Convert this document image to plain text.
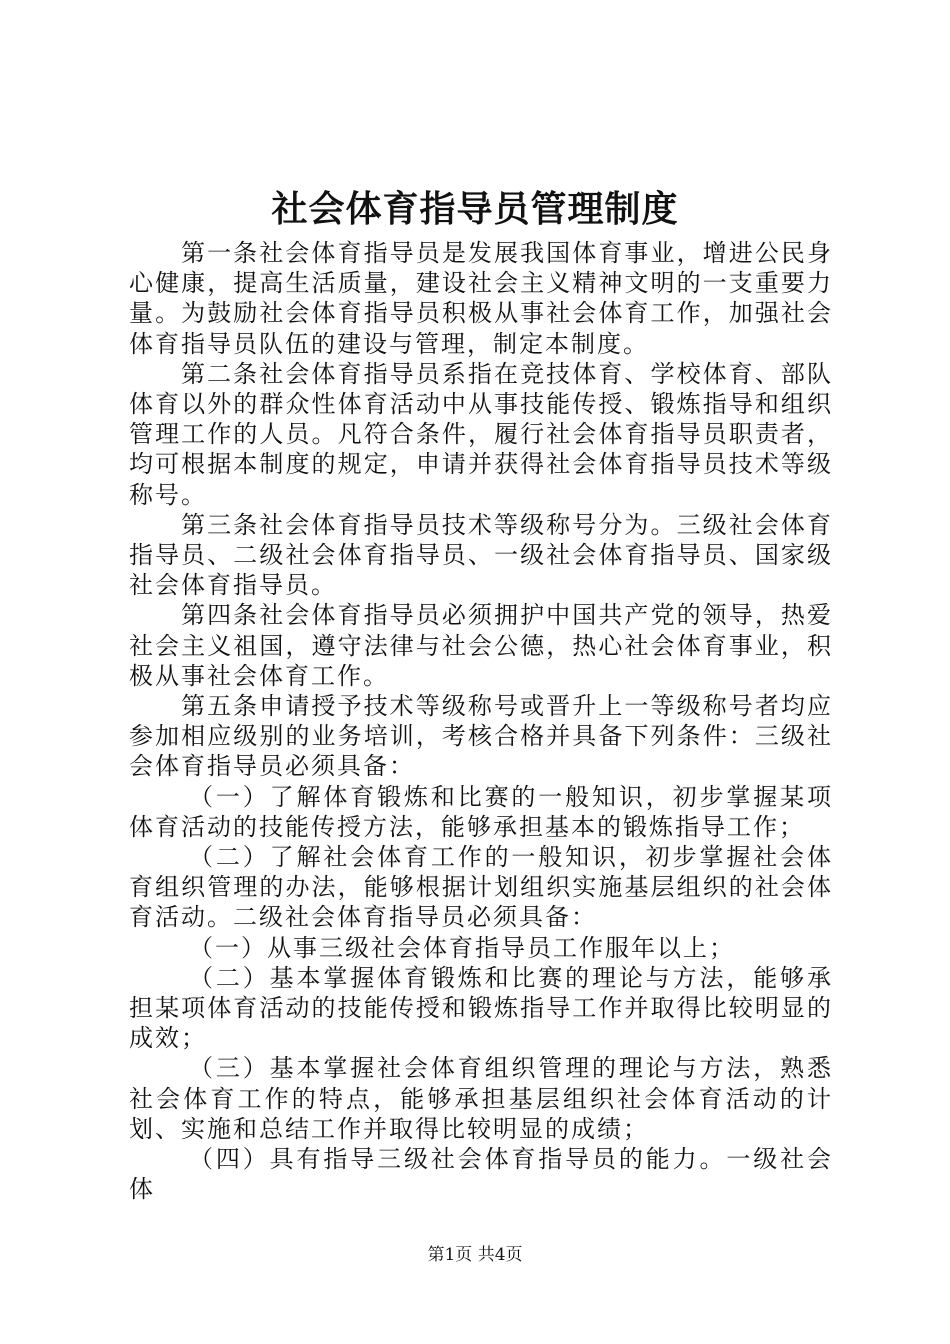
社会体育指导员管理制度

第一条社会体育指导员是发展我国体育事业，增进公民身心健康，提高生活质量，建设社会主义精神文明的一支重要力量。为鼓励社会体育指导员积极从事社会体育工作，加强社会体育指导员队伍的建设与管理，制定本制度。

第二条社会体育指导员系指在竞技体育、学校体育、部队体育以外的群众性体育活动中从事技能传授、锻炼指导和组织管理工作的人员。凡符合条件，履行社会体育指导员职责者，均可根据本制度的规定，申请并获得社会体育指导员技术等级称号。

第三条社会体育指导员技术等级称号分为。三级社会体育指导员、二级社会体育指导员、一级社会体育指导员、国家级社会体育指导员。

第四条社会体育指导员必须拥护中国共产党的领导，热爱社会主义祖国，遵守法律与社会公德，热心社会体育事业，积极从事社会体育工作。

第五条申请授予技术等级称号或晋升上一等级称号者均应参加相应级别的业务培训，考核合格并具备下列条件：三级社会体育指导员必须具备：

（一）了解体育锻炼和比赛的一般知识，初步掌握某项体育活动的技能传授方法，能够承担基本的锻炼指导工作；

（二）了解社会体育工作的一般知识，初步掌握社会体育组织管理的办法，能够根据计划组织实施基层组织的社会体育活动。二级社会体育指导员必须具备：

（一）从事三级社会体育指导员工作服年以上；

（二）基本掌握体育锻炼和比赛的理论与方法，能够承担某项体育活动的技能传授和锻炼指导工作并取得比较明显的成效；

（三）基本掌握社会体育组织管理的理论与方法，熟悉社会体育工作的特点，能够承担基层组织社会体育活动的计划、实施和总结工作并取得比较明显的成绩；

（四）具有指导三级社会体育指导员的能力。一级社会体

第1页 共4页
